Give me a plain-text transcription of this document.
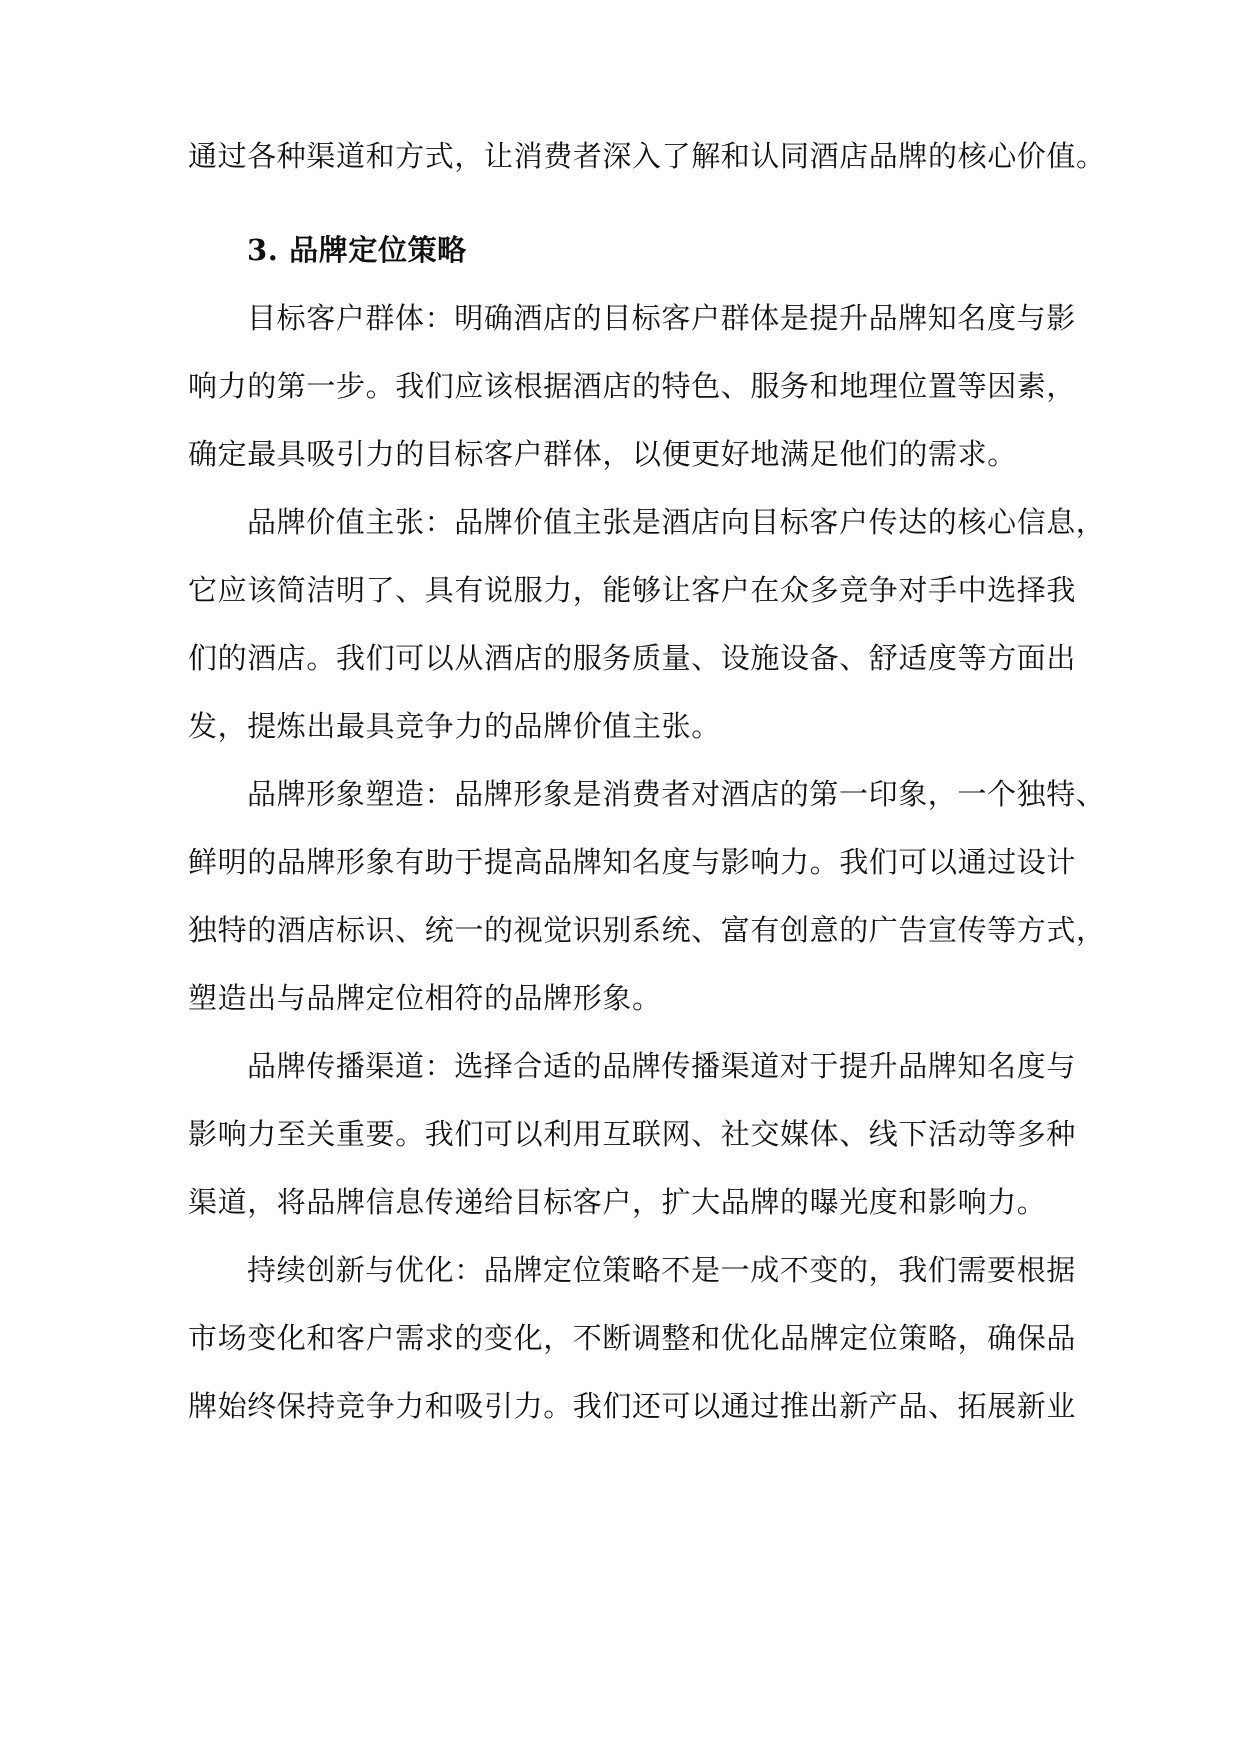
通过各种渠道和方式，让消费者深入了解和认同酒店品牌的核心价值。
3. 品牌定位策略
目标客户群体：明确酒店的目标客户群体是提升品牌知名度与影
响力的第一步。我们应该根据酒店的特色、服务和地理位置等因素，
确定最具吸引力的目标客户群体，以便更好地满足他们的需求。
品牌价值主张：品牌价值主张是酒店向目标客户传达的核心信息，
它应该简洁明了、具有说服力，能够让客户在众多竞争对手中选择我
们的酒店。我们可以从酒店的服务质量、设施设备、舒适度等方面出
发，提炼出最具竞争力的品牌价值主张。
品牌形象塑造：品牌形象是消费者对酒店的第一印象，一个独特、
鲜明的品牌形象有助于提高品牌知名度与影响力。我们可以通过设计
独特的酒店标识、统一的视觉识别系统、富有创意的广告宣传等方式，
塑造出与品牌定位相符的品牌形象。
品牌传播渠道：选择合适的品牌传播渠道对于提升品牌知名度与
影响力至关重要。我们可以利用互联网、社交媒体、线下活动等多种
渠道，将品牌信息传递给目标客户，扩大品牌的曝光度和影响力。
持续创新与优化：品牌定位策略不是一成不变的，我们需要根据
市场变化和客户需求的变化，不断调整和优化品牌定位策略，确保品
牌始终保持竞争力和吸引力。我们还可以通过推出新产品、拓展新业
